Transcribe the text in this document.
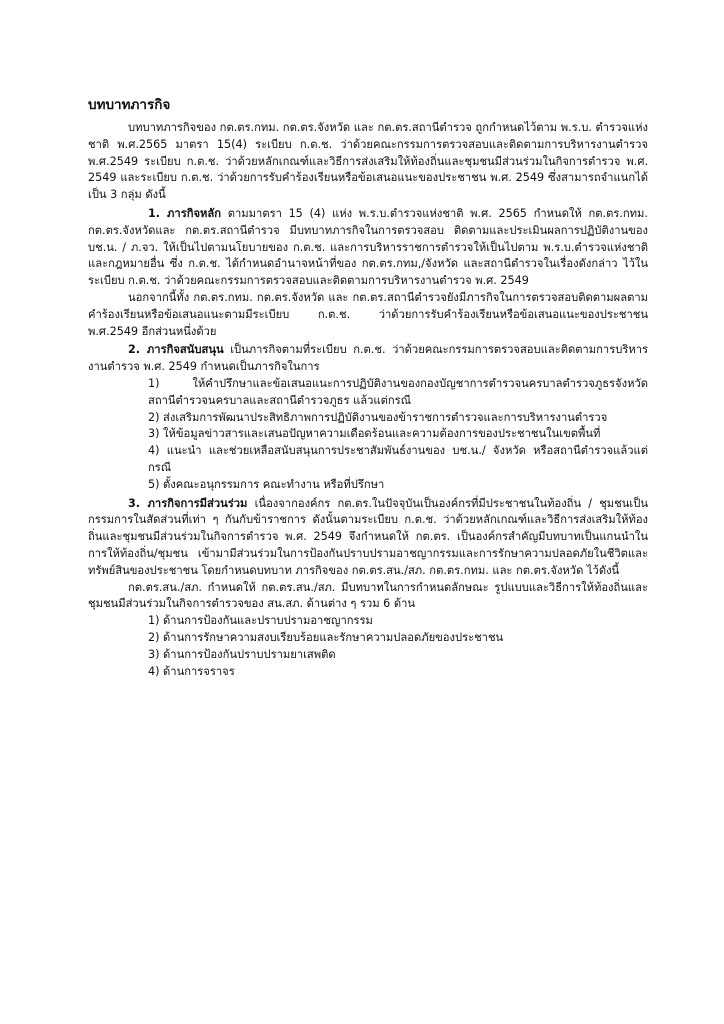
บทบาทภารกิจ

บทบาทภารกิจของ กต.ตร.กทม. กต.ตร.จังหวัด และ กต.ตร.สถานีตำรวจ ถูกกำหนดไว้ตาม พ.ร.บ. ตำรวจแห่งชาติ พ.ศ.2565 มาตรา 15(4) ระเบียบ ก.ต.ช. ว่าด้วยคณะกรรมการตรวจสอบและติดตามการบริหารงานตำรวจ พ.ศ.2549 ระเบียบ ก.ต.ช. ว่าด้วยหลักเกณฑ์และวิธีการส่งเสริมให้ท้องถิ่นและชุมชนมีส่วนร่วมในกิจการตำรวจ พ.ศ. 2549 และระเบียบ ก.ต.ช. ว่าด้วยการรับคำร้องเรียนหรือข้อเสนอแนะของประชาชน พ.ศ. 2549 ซึ่งสามารถจำแนกได้เป็น 3 กลุ่ม ดังนี้

1. ภารกิจหลัก ตามมาตรา 15 (4) แห่ง พ.ร.บ.ตำรวจแห่งชาติ พ.ศ. 2565 กำหนดให้ กต.ตร.กทม. กต.ตร.จังหวัดและ กต.ตร.สถานีตำรวจ มีบทบาทภารกิจในการตรวจสอบ ติดตามและประเมินผลการปฏิบัติงานของ บช.น. / ภ.จว. ให้เป็นไปตามนโยบายของ ก.ต.ช. และการบริหารราชการตำรวจให้เป็นไปตาม พ.ร.บ.ตำรวจแห่งชาติ และกฎหมายอื่น ซึ่ง ก.ต.ช. ได้กำหนดอำนาจหน้าที่ของ กต.ตร.กทม,/จังหวัด และสถานีตำรวจในเรื่องดังกล่าว ไว้ในระเบียบ ก.ต.ช. ว่าด้วยคณะกรรมการตรวจสอบและติดตามการบริหารงานตำรวจ พ.ศ. 2549

นอกจากนี้ทั้ง กต.ตร.กทม. กต.ตร.จังหวัด และ กต.ตร.สถานีตำรวจยังมีภารกิจในการตรวจสอบติดตามผลตามคำร้องเรียนหรือข้อเสนอแนะตามมีระเบียบ ก.ต.ช. ว่าด้วยการรับคำร้องเรียนหรือข้อเสนอแนะของประชาชน พ.ศ.2549 อีกส่วนหนึ่งด้วย

2. ภารกิจสนับสนุน เป็นภารกิจตามที่ระเบียบ ก.ต.ช. ว่าด้วยคณะกรรมการตรวจสอบและติดตามการบริหารงานตำรวจ พ.ศ. 2549 กำหนดเป็นภารกิจในการ

1) ให้คำปรึกษาและข้อเสนอแนะการปฏิบัติงานของกองบัญชาการตำรวจนครบาลตำรวจภูธรจังหวัด สถานีตำรวจนครบาลและสถานีตำรวจภูธร แล้วแต่กรณี

2) ส่งเสริมการพัฒนาประสิทธิภาพการปฏิบัติงานของข้าราชการตำรวจและการบริหารงานตำรวจ

3) ให้ข้อมูลข่าวสารและเสนอปัญหาความเดือดร้อนและความต้องการของประชาชนในเขตพื้นที่

4) แนะนำ และช่วยเหลือสนับสนุนการประชาสัมพันธ์งานของ บช.น./ จังหวัด หรือสถานีตำรวจแล้วแต่กรณี

5) ตั้งคณะอนุกรรมการ คณะทำงาน หรือที่ปรึกษา

3. ภารกิจการมีส่วนร่วม เนื่องจากองค์กร กต.ตร.ในปัจจุบันเป็นองค์กรที่มีประชาชนในท้องถิ่น / ชุมชนเป็นกรรมการในสัดส่วนที่เท่า ๆ กันกับข้าราชการ ดังนั้นตามระเบียบ ก.ต.ช. ว่าด้วยหลักเกณฑ์และวิธีการส่งเสริมให้ท้องถิ่นและชุมชนมีส่วนร่วมในกิจการตำรวจ พ.ศ. 2549 จึงกำหนดให้ กต.ตร. เป็นองค์กรสำคัญมีบทบาทเป็นแกนนำในการให้ท้องถิ่น/ชุมชน เข้ามามีส่วนร่วมในการป้องกันปราบปรามอาชญากรรมและการรักษาความปลอดภัยในชีวิตและทรัพย์สินของประชาชน โดยกำหนดบทบาท ภารกิจของ กต.ตร.สน./สภ. กต.ตร.กทม. และ กต.ตร.จังหวัด ไว้ดังนี้

กต.ตร.สน./สภ. กำหนดให้ กต.ตร.สน./สภ. มีบทบาทในการกำหนดลักษณะ รูปแบบและวิธีการให้ท้องถิ่นและชุมชนมีส่วนร่วมในกิจการตำรวจของ สน.สภ. ด้านต่าง ๆ รวม 6 ด้าน

1) ด้านการป้องกันและปราบปรามอาชญากรรม

2) ด้านการรักษาความสงบเรียบร้อยและรักษาความปลอดภัยของประชาชน

3) ด้านการป้องกันปราบปรามยาเสพติด

4) ด้านการจราจร
